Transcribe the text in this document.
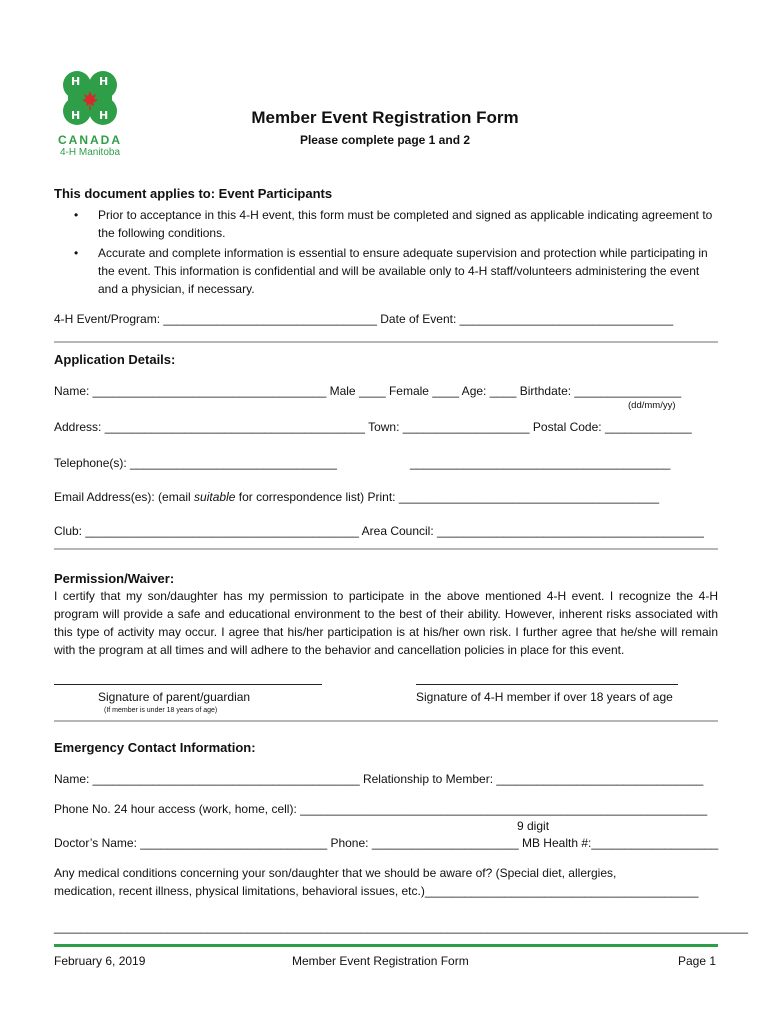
H H
H H
CANADA
4-H Manitoba
Member Event Registration Form
Please complete page 1 and 2
This document applies to: Event Participants
• Prior to acceptance in this 4-H event, this form must be completed and signed as applicable indicating agreement to the following conditions.
• Accurate and complete information is essential to ensure adequate supervision and protection while participating in the event. This information is confidential and will be available only to 4-H staff/volunteers administering the event and a physician, if necessary.
4-H Event/Program: ________________________________ Date of Event: ________________________________
Application Details:
Name: ___________________________________ Male ____ Female ____ Age: ____ Birthdate: ________________
(dd/mm/yy)
Address: _______________________________________ Town: ___________________ Postal Code: _____________
Telephone(s): _______________________________	_______________________________________
Email Address(es): (email suitable for correspondence list) Print: _______________________________________
Club: _________________________________________ Area Council: ________________________________________
Permission/Waiver:
I certify that my son/daughter has my permission to participate in the above mentioned 4-H event. I recognize the 4-H program will provide a safe and educational environment to the best of their ability. However, inherent risks associated with this type of activity may occur. I agree that his/her participation is at his/her own risk. I further agree that he/she will remain with the program at all times and will adhere to the behavior and cancellation policies in place for this event.
Signature of parent/guardian
(If member is under 18 years of age)
Signature of 4-H member if over 18 years of age
Emergency Contact Information:
Name: ________________________________________ Relationship to Member: _______________________________
Phone No. 24 hour access (work, home, cell): _____________________________________________________________
9 digit
Doctor’s Name: ____________________________ Phone: ______________________ MB Health #:___________________
Any medical conditions concerning your son/daughter that we should be aware of? (Special diet, allergies,
medication, recent illness, physical limitations, behavioral issues, etc.)_________________________________________
________________________________________________________________________________________________________
February 6, 2019	Member Event Registration Form	Page 1
